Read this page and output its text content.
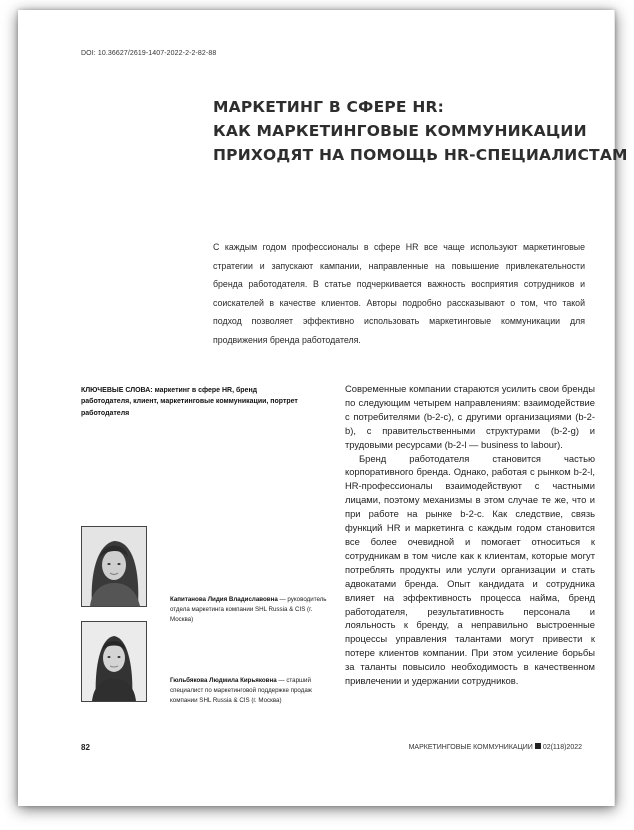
DOI: 10.36627/2619-1407-2022-2-2-82-88
МАРКЕТИНГ В СФЕРЕ HR:
КАК МАРКЕТИНГОВЫЕ КОММУНИКАЦИИ
ПРИХОДЯТ НА ПОМОЩЬ HR-СПЕЦИАЛИСТАМ
С каждым годом профессионалы в сфере HR все чаще используют маркетинговые стратегии и запускают кампании, направленные на повышение привлекательности бренда работодателя. В статье подчеркивается важность восприятия сотрудников и соискателей в качестве клиентов. Авторы подробно рассказывают о том, что такой подход позволяет эффективно использовать маркетинговые коммуникации для продвижения бренда работодателя.
КЛЮЧЕВЫЕ СЛОВА: маркетинг в сфере HR, бренд работодателя, клиент, маркетинговые коммуникации, портрет работодателя
Капитанова Лидия Владиславовна — руководитель отдела маркетинга компании SHL Russia & CIS (г. Москва)
Гюльбякова Людмила Кирьяковна — старший специалист по маркетинговой поддержке продаж компании SHL Russia & CIS (г. Москва)

Современные компании стараются усилить свои бренды по следующим четырем направлениям: взаимодействие с потребителями (b-2-c), с другими организациями (b-2-b), с правительственными структурами (b-2-g) и трудовыми ресурсами (b-2-l — business to labour).

Бренд работодателя становится частью корпоративного бренда. Однако, работая с рынком b-2-l, HR-профессионалы взаимодействуют с частными лицами, поэтому механизмы в этом случае те же, что и при работе на рынке b-2-c. Как следствие, связь функций HR и маркетинга с каждым годом становится все более очевидной и помогает относиться к сотрудникам в том числе как к клиентам, которые могут потреблять продукты или услуги организации и стать адвокатами бренда. Опыт кандидата и сотрудника влияет на эффективность процесса найма, бренд работодателя, результативность персонала и лояльность к бренду, а неправильно выстроенные процессы управления талантами могут привести к потере клиентов компании. При этом усиление борьбы за таланты повысило необходимость в качественном привлечении и удержании сотрудников.

82	МАРКЕТИНГОВЫЕ КОММУНИКАЦИИ 02(118)2022
